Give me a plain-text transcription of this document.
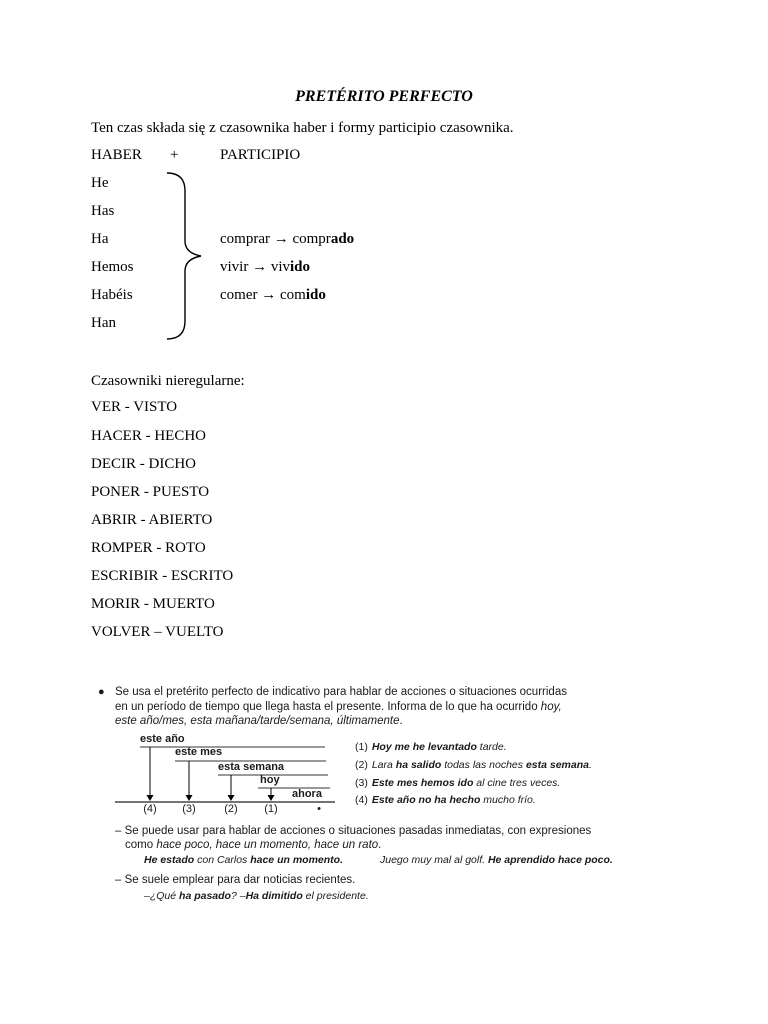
PRETÉRITO PERFECTO
Ten czas składa się z czasownika haber i formy participio czasownika.
HABER +	PARTICIPIO
He
Has
Ha
Hemos
Habéis
Han
comprar → comprado
vivir → vivido
comer → comido
Czasowniki nieregularne:
VER - VISTO
HACER - HECHO
DECIR - DICHO
PONER - PUESTO
ABRIR - ABIERTO
ROMPER - ROTO
ESCRIBIR - ESCRITO
MORIR - MUERTO
VOLVER – VUELTO
● Se usa el pretérito perfecto de indicativo para hablar de acciones o situaciones ocurridas
en un período de tiempo que llega hasta el presente. Informa de lo que ha ocurrido hoy,
este año/mes, esta mañana/tarde/semana, últimamente.
este año
este mes
esta semana
hoy
ahora
(4) (3)	(2) (1)	•
(1) Hoy me he levantado tarde.
(2) Lara ha salido todas las noches esta semana.
(3) Este mes hemos ido al cine tres veces.
(4) Este año no ha hecho mucho frío.
– Se puede usar para hablar de acciones o situaciones pasadas inmediatas, con expresiones
como hace poco, hace un momento, hace un rato.
He estado con Carlos hace un momento.	Juego muy mal al golf. He aprendido hace poco.
– Se suele emplear para dar noticias recientes.
–¿Qué ha pasado? –Ha dimitido el presidente.
